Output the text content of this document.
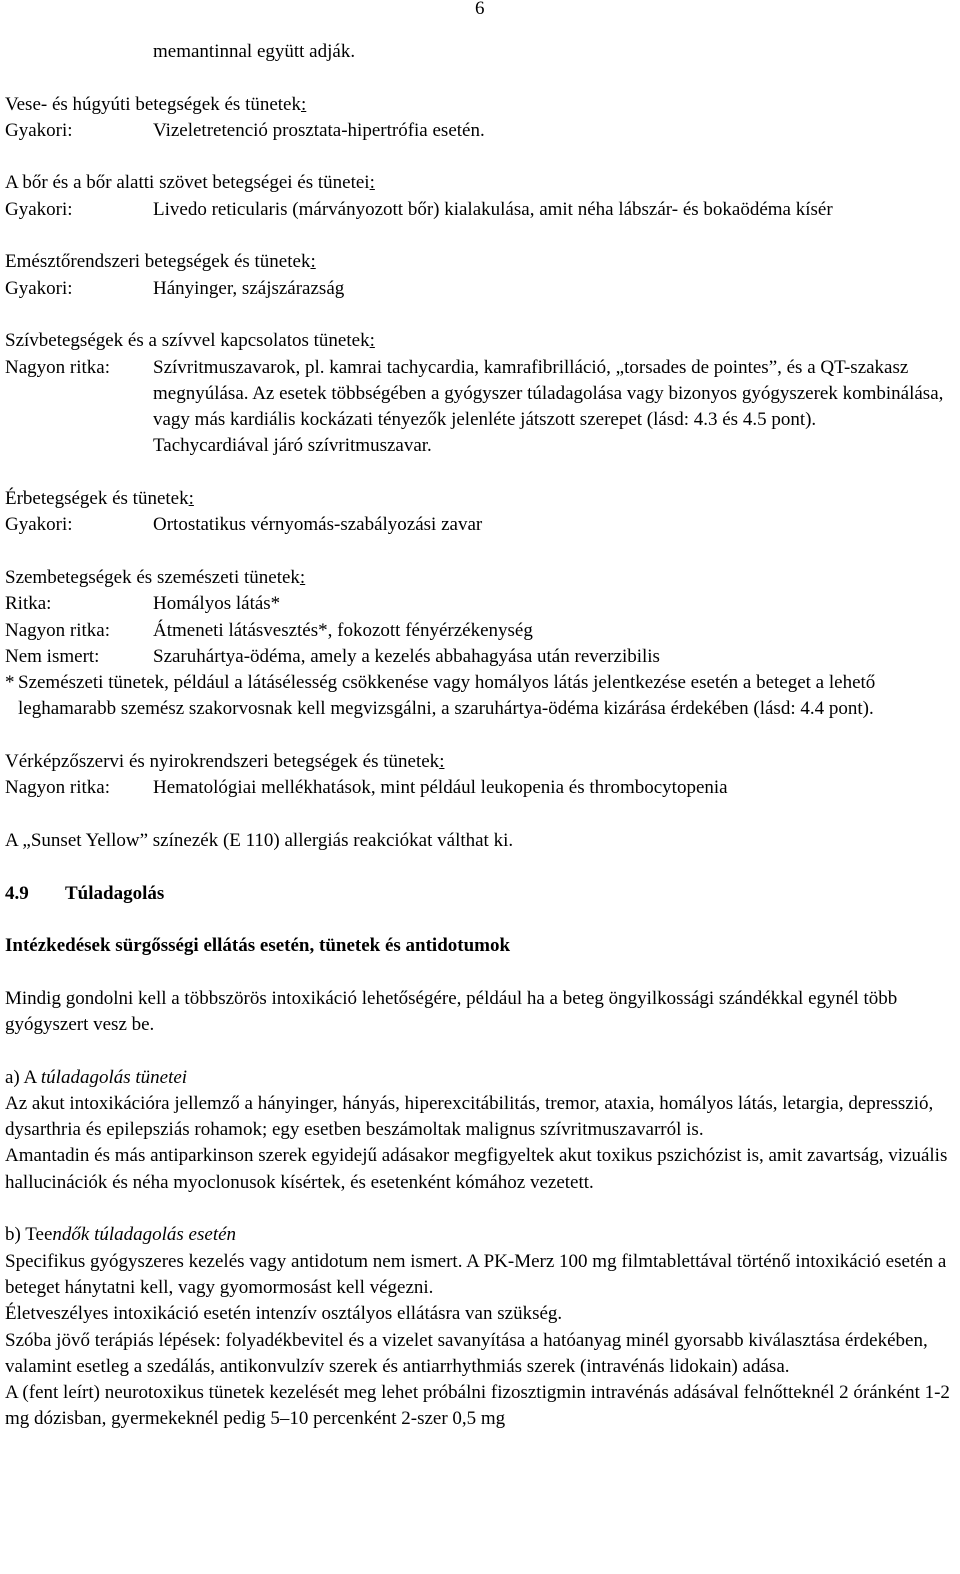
6

memantinnal együtt adják.

Vese- és húgyúti betegségek és tünetek:

Gyakori:	Vizeletretenció prosztata-hipertrófia esetén.

A bőr és a bőr alatti szövet betegségei és tünetei:

Gyakori:	Livedo reticularis (márványozott bőr) kialakulása, amit néha lábszár- és bokaödéma kísér

Emésztőrendszeri betegségek és tünetek:

Gyakori:	Hányinger, szájszárazság

Szívbetegségek és a szívvel kapcsolatos tünetek:

Nagyon ritka:	Szívritmuszavarok, pl. kamrai tachycardia, kamrafibrilláció, „torsades de pointes”, és a QT-szakasz megnyúlása. Az esetek többségében a gyógyszer túladagolása vagy bizonyos gyógyszerek kombinálása, vagy más kardiális kockázati tényezők jelenléte játszott szerepet (lásd: 4.3 és 4.5 pont).

Tachycardiával járó szívritmuszavar.

Érbetegségek és tünetek:

Gyakori:	Ortostatikus vérnyomás-szabályozási zavar

Szembetegségek és szemészeti tünetek:

Ritka:	Homályos látás*
Nagyon ritka:	Átmeneti látásvesztés*, fokozott fényérzékenység
Nem ismert:	Szaruhártya-ödéma, amely a kezelés abbahagyása után reverzibilis
* Szemészeti tünetek, például a látásélesség csökkenése vagy homályos látás jelentkezése esetén a beteget a lehető leghamarabb szemész szakorvosnak kell megvizsgálni, a szaruhártya-ödéma kizárása érdekében (lásd: 4.4 pont).

Vérképzőszervi és nyirokrendszeri betegségek és tünetek:

Nagyon ritka:	Hematológiai mellékhatások, mint például leukopenia és thrombocytopenia

A „Sunset Yellow” színezék (E 110) allergiás reakciókat válthat ki.

4.9 Túladagolás

Intézkedések sürgősségi ellátás esetén, tünetek és antidotumok

Mindig gondolni kell a többszörös intoxikáció lehetőségére, például ha a beteg öngyilkossági szándékkal egynél több gyógyszert vesz be.

a) A túladagolás tünetei

Az akut intoxikációra jellemző a hányinger, hányás, hiperexcitábilitás, tremor, ataxia, homályos látás, letargia, depresszió, dysarthria és epilepsziás rohamok; egy esetben beszámoltak malignus szívritmuszavarról is.

Amantadin és más antiparkinson szerek egyidejű adásakor megfigyeltek akut toxikus pszichózist is, amit zavartság, vizuális hallucinációk és néha myoclonusok kísértek, és esetenként kómához vezetett.

b) Teendők túladagolás esetén

Specifikus gyógyszeres kezelés vagy antidotum nem ismert. A PK-Merz 100 mg filmtablettával történő intoxikáció esetén a beteget hánytatni kell, vagy gyomormosást kell végezni.

Életveszélyes intoxikáció esetén intenzív osztályos ellátásra van szükség.

Szóba jövő terápiás lépések: folyadékbevitel és a vizelet savanyítása a hatóanyag minél gyorsabb kiválasztása érdekében, valamint esetleg a szedálás, antikonvulzív szerek és antiarrhythmiás szerek (intravénás lidokain) adása.

A (fent leírt) neurotoxikus tünetek kezelését meg lehet próbálni fizosztigmin intravénás adásával felnőtteknél 2 óránként 1-2 mg dózisban, gyermekeknél pedig 5–10 percenként 2-szer 0,5 mg
